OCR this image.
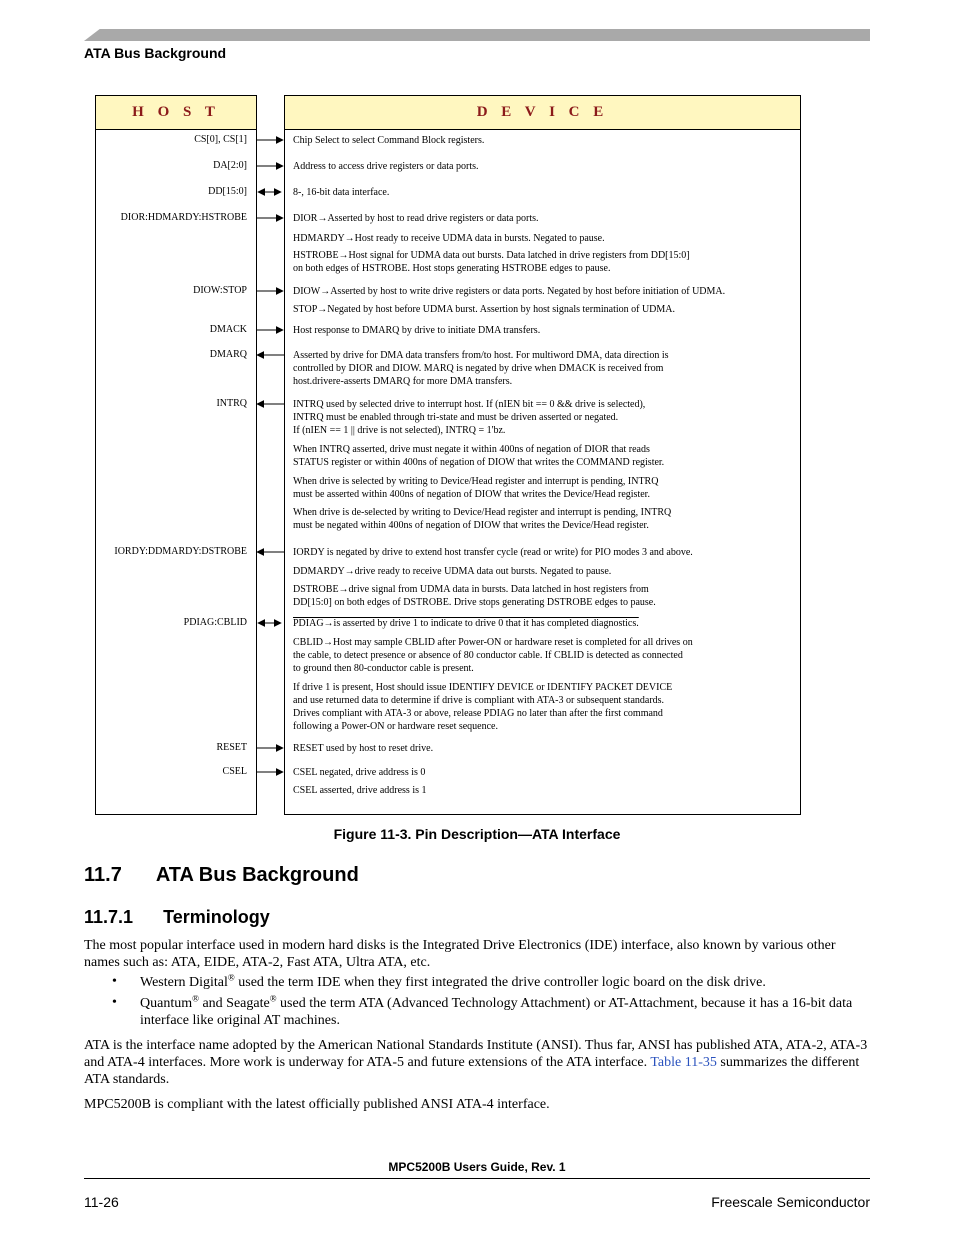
ATA Bus Background
H O S T	D E V I C E
CS[0], CS[1]
DA[2:0]
DD[15:0]
DIOR:HDMARDY:HSTROBE
DIOW:STOP
DMACK
DMARQ
INTRQ
IORDY:DDMARDY:DSTROBE
PDIAG:CBLID
RESET
CSEL
Chip Select to select Command Block registers.
Address to access drive registers or data ports.
8-, 16-bit data interface.
DIOR→Asserted by host to read drive registers or data ports.
HDMARDY→Host ready to receive UDMA data in bursts. Negated to pause.
HSTROBE→Host signal for UDMA data out bursts. Data latched in drive registers from DD[15:0]
on both edges of HSTROBE. Host stops generating HSTROBE edges to pause.
DIOW→Asserted by host to write drive registers or data ports. Negated by host before initiation of UDMA.
STOP→Negated by host before UDMA burst. Assertion by host signals termination of UDMA.
Host response to DMARQ by drive to initiate DMA transfers.
Asserted by drive for DMA data transfers from/to host. For multiword DMA, data direction is
controlled by DIOR and DIOW. MARQ is negated by drive when DMACK is received from
host.drivere-asserts DMARQ for more DMA transfers.
INTRQ used by selected drive to interrupt host. If (nIEN bit == 0 && drive is selected),
INTRQ must be enabled through tri-state and must be driven asserted or negated.
If (nIEN == 1 || drive is not selected), INTRQ = 1'bz.
When INTRQ asserted, drive must negate it within 400ns of negation of DIOR that reads
STATUS register or within 400ns of negation of DIOW that writes the COMMAND register.
When drive is selected by writing to Device/Head register and interrupt is pending, INTRQ
must be asserted within 400ns of negation of DIOW that writes the Device/Head register.
When drive is de-selected by writing to Device/Head register and interrupt is pending, INTRQ
must be negated within 400ns of negation of DIOW that writes the Device/Head register.
IORDY is negated by drive to extend host transfer cycle (read or write) for PIO modes 3 and above.
DDMARDY→drive ready to receive UDMA data out bursts. Negated to pause.
DSTROBE→drive signal from UDMA data in bursts. Data latched in host registers from
DD[15:0] on both edges of DSTROBE. Drive stops generating DSTROBE edges to pause.
PDIAG→is asserted by drive 1 to indicate to drive 0 that it has completed diagnostics.
CBLID→Host may sample CBLID after Power-ON or hardware reset is completed for all drives on
the cable, to detect presence or absence of 80 conductor cable. If CBLID is detected as connected
to ground then 80-conductor cable is present.
If drive 1 is present, Host should issue IDENTIFY DEVICE or IDENTIFY PACKET DEVICE
and use returned data to determine if drive is compliant with ATA-3 or subsequent standards.
Drives compliant with ATA-3 or above, release PDIAG no later than after the first command
following a Power-ON or hardware reset sequence.
RESET used by host to reset drive.
CSEL negated, drive address is 0
CSEL asserted, drive address is 1
Figure 11-3. Pin Description—ATA Interface
11.7 ATA Bus Background
11.7.1 Terminology
The most popular interface used in modern hard disks is the Integrated Drive Electronics (IDE) interface, also known by various other names such as: ATA, EIDE, ATA-2, Fast ATA, Ultra ATA, etc.
• Western Digital® used the term IDE when they first integrated the drive controller logic board on the disk drive.
• Quantum® and Seagate® used the term ATA (Advanced Technology Attachment) or AT-Attachment, because it has a 16-bit data interface like original AT machines.
ATA is the interface name adopted by the American National Standards Institute (ANSI). Thus far, ANSI has published ATA, ATA-2, ATA-3 and ATA-4 interfaces. More work is underway for ATA-5 and future extensions of the ATA interface. Table 11-35 summarizes the different ATA standards.
MPC5200B is compliant with the latest officially published ANSI ATA-4 interface.
MPC5200B Users Guide, Rev. 1
11-26	Freescale Semiconductor
